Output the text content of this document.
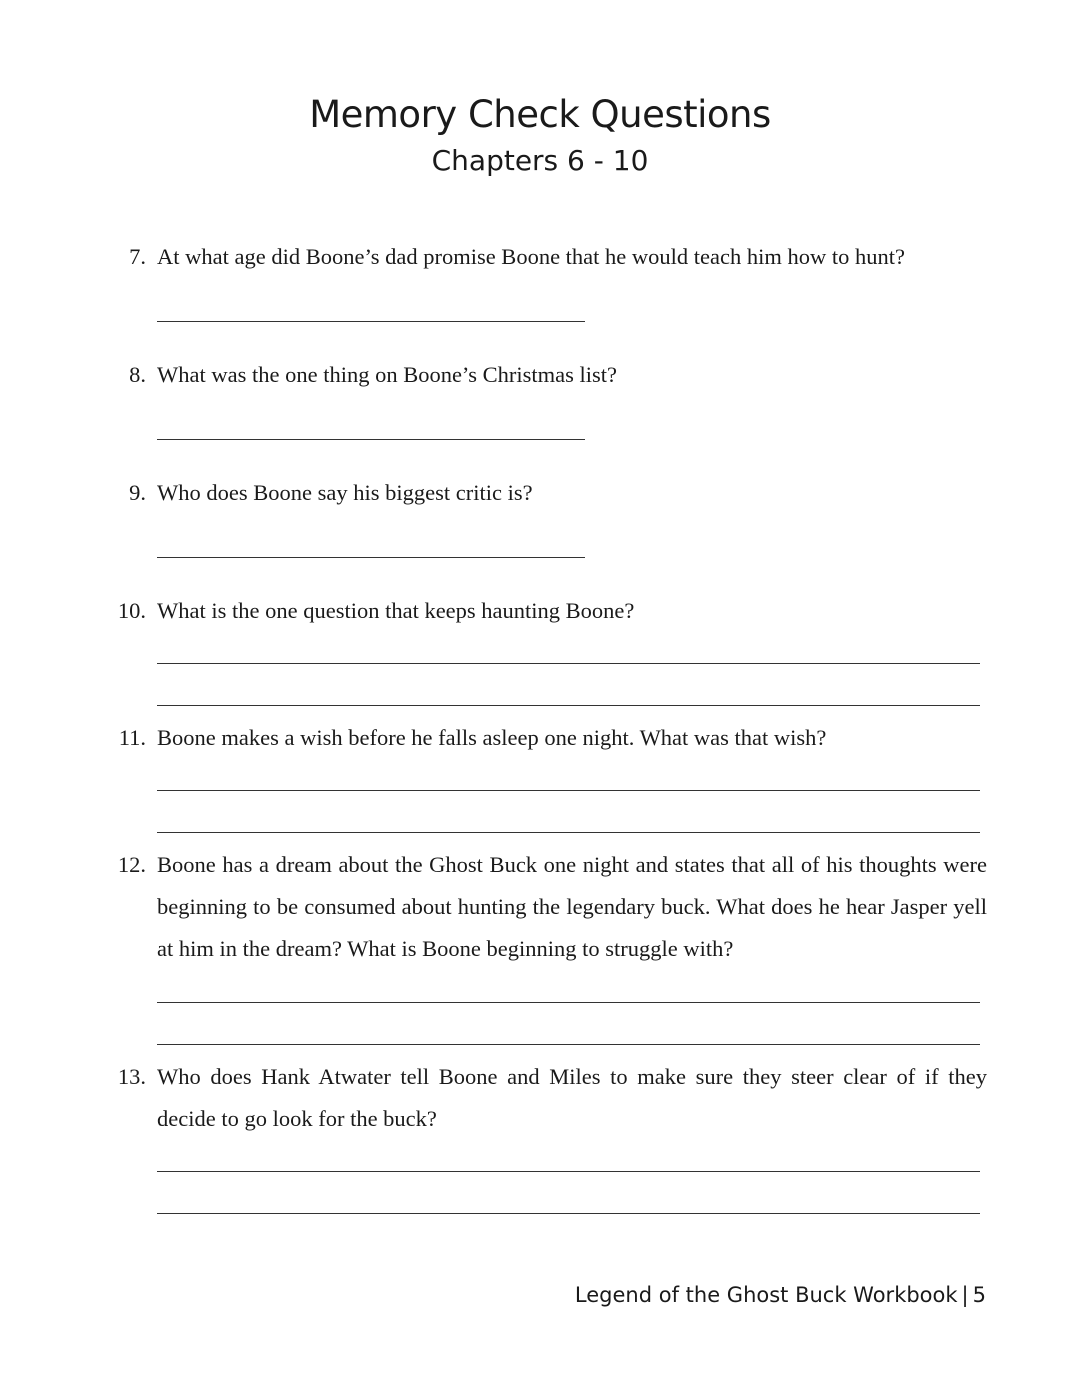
Memory Check Questions
Chapters 6 - 10
7. At what age did Boone’s dad promise Boone that he would teach him how to hunt?
8. What was the one thing on Boone’s Christmas list?
9. Who does Boone say his biggest critic is?
10. What is the one question that keeps haunting Boone?
11. Boone makes a wish before he falls asleep one night. What was that wish?
12. Boone has a dream about the Ghost Buck one night and states that all of his thoughts were beginning to be consumed about hunting the legendary buck. What does he hear Jasper yell at him in the dream? What is Boone beginning to struggle with?
13. Who does Hank Atwater tell Boone and Miles to make sure they steer clear of if they decide to go look for the buck?
Legend of the Ghost Buck Workbook | 5
